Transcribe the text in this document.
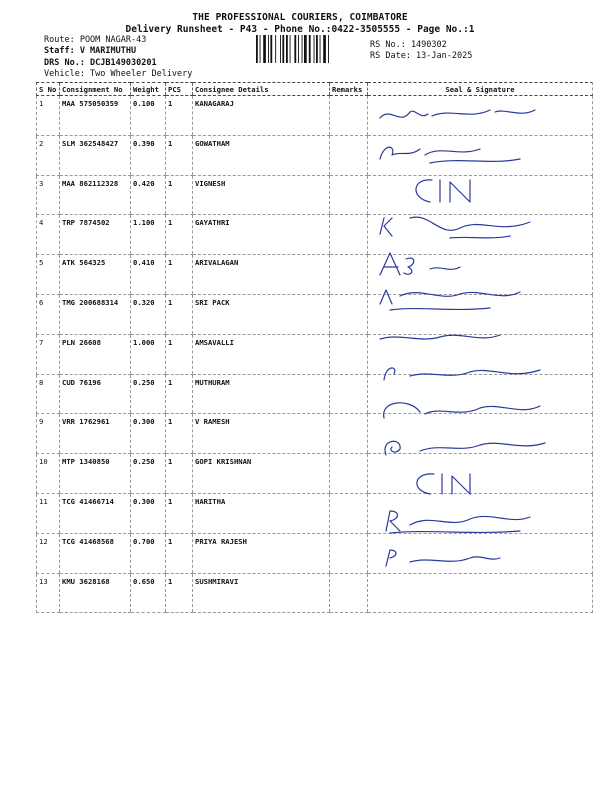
THE PROFESSIONAL COURIERS, COIMBATORE
Delivery Runsheet - P43 - Phone No.:0422-3505555 - Page No.:1
Route: POOM NAGAR-43
Staff: V MARIMUTHU
DRS No.: DCJB149030201
Vehicle: Two Wheeler Delivery
RS No.: 1490302
RS Date: 13-Jan-2025
S No	Consignment No	Weight	PCS	Consignee Details	Remarks	Seal & Signature
1	MAA 575050359	0.100	1	KANAGARAJ		
2	SLM 362548427	0.390	1	GOWATHAM		
3	MAA 862112328	0.420	1	VIGNESH		
4	TRP 7874502	1.100	1	GAYATHRI		
5	ATK 564325	0.410	1	ARIVALAGAN		
6	TMG 200688314	0.320	1	SRI PACK		
7	PLN 26608	1.000	1	AMSAVALLI		
8	CUD 76196	0.250	1	MUTHURAM		
9	VRR 1762961	0.300	1	V RAMESH		
10	MTP 1340850	0.250	1	GOPI KRISHNAN		
11	TCG 41466714	0.300	1	HARITHA		
12	TCG 41468568	0.700	1	PRIYA RAJESH		
13	KMU 3628168	0.650	1	SUSHMIRAVI		
